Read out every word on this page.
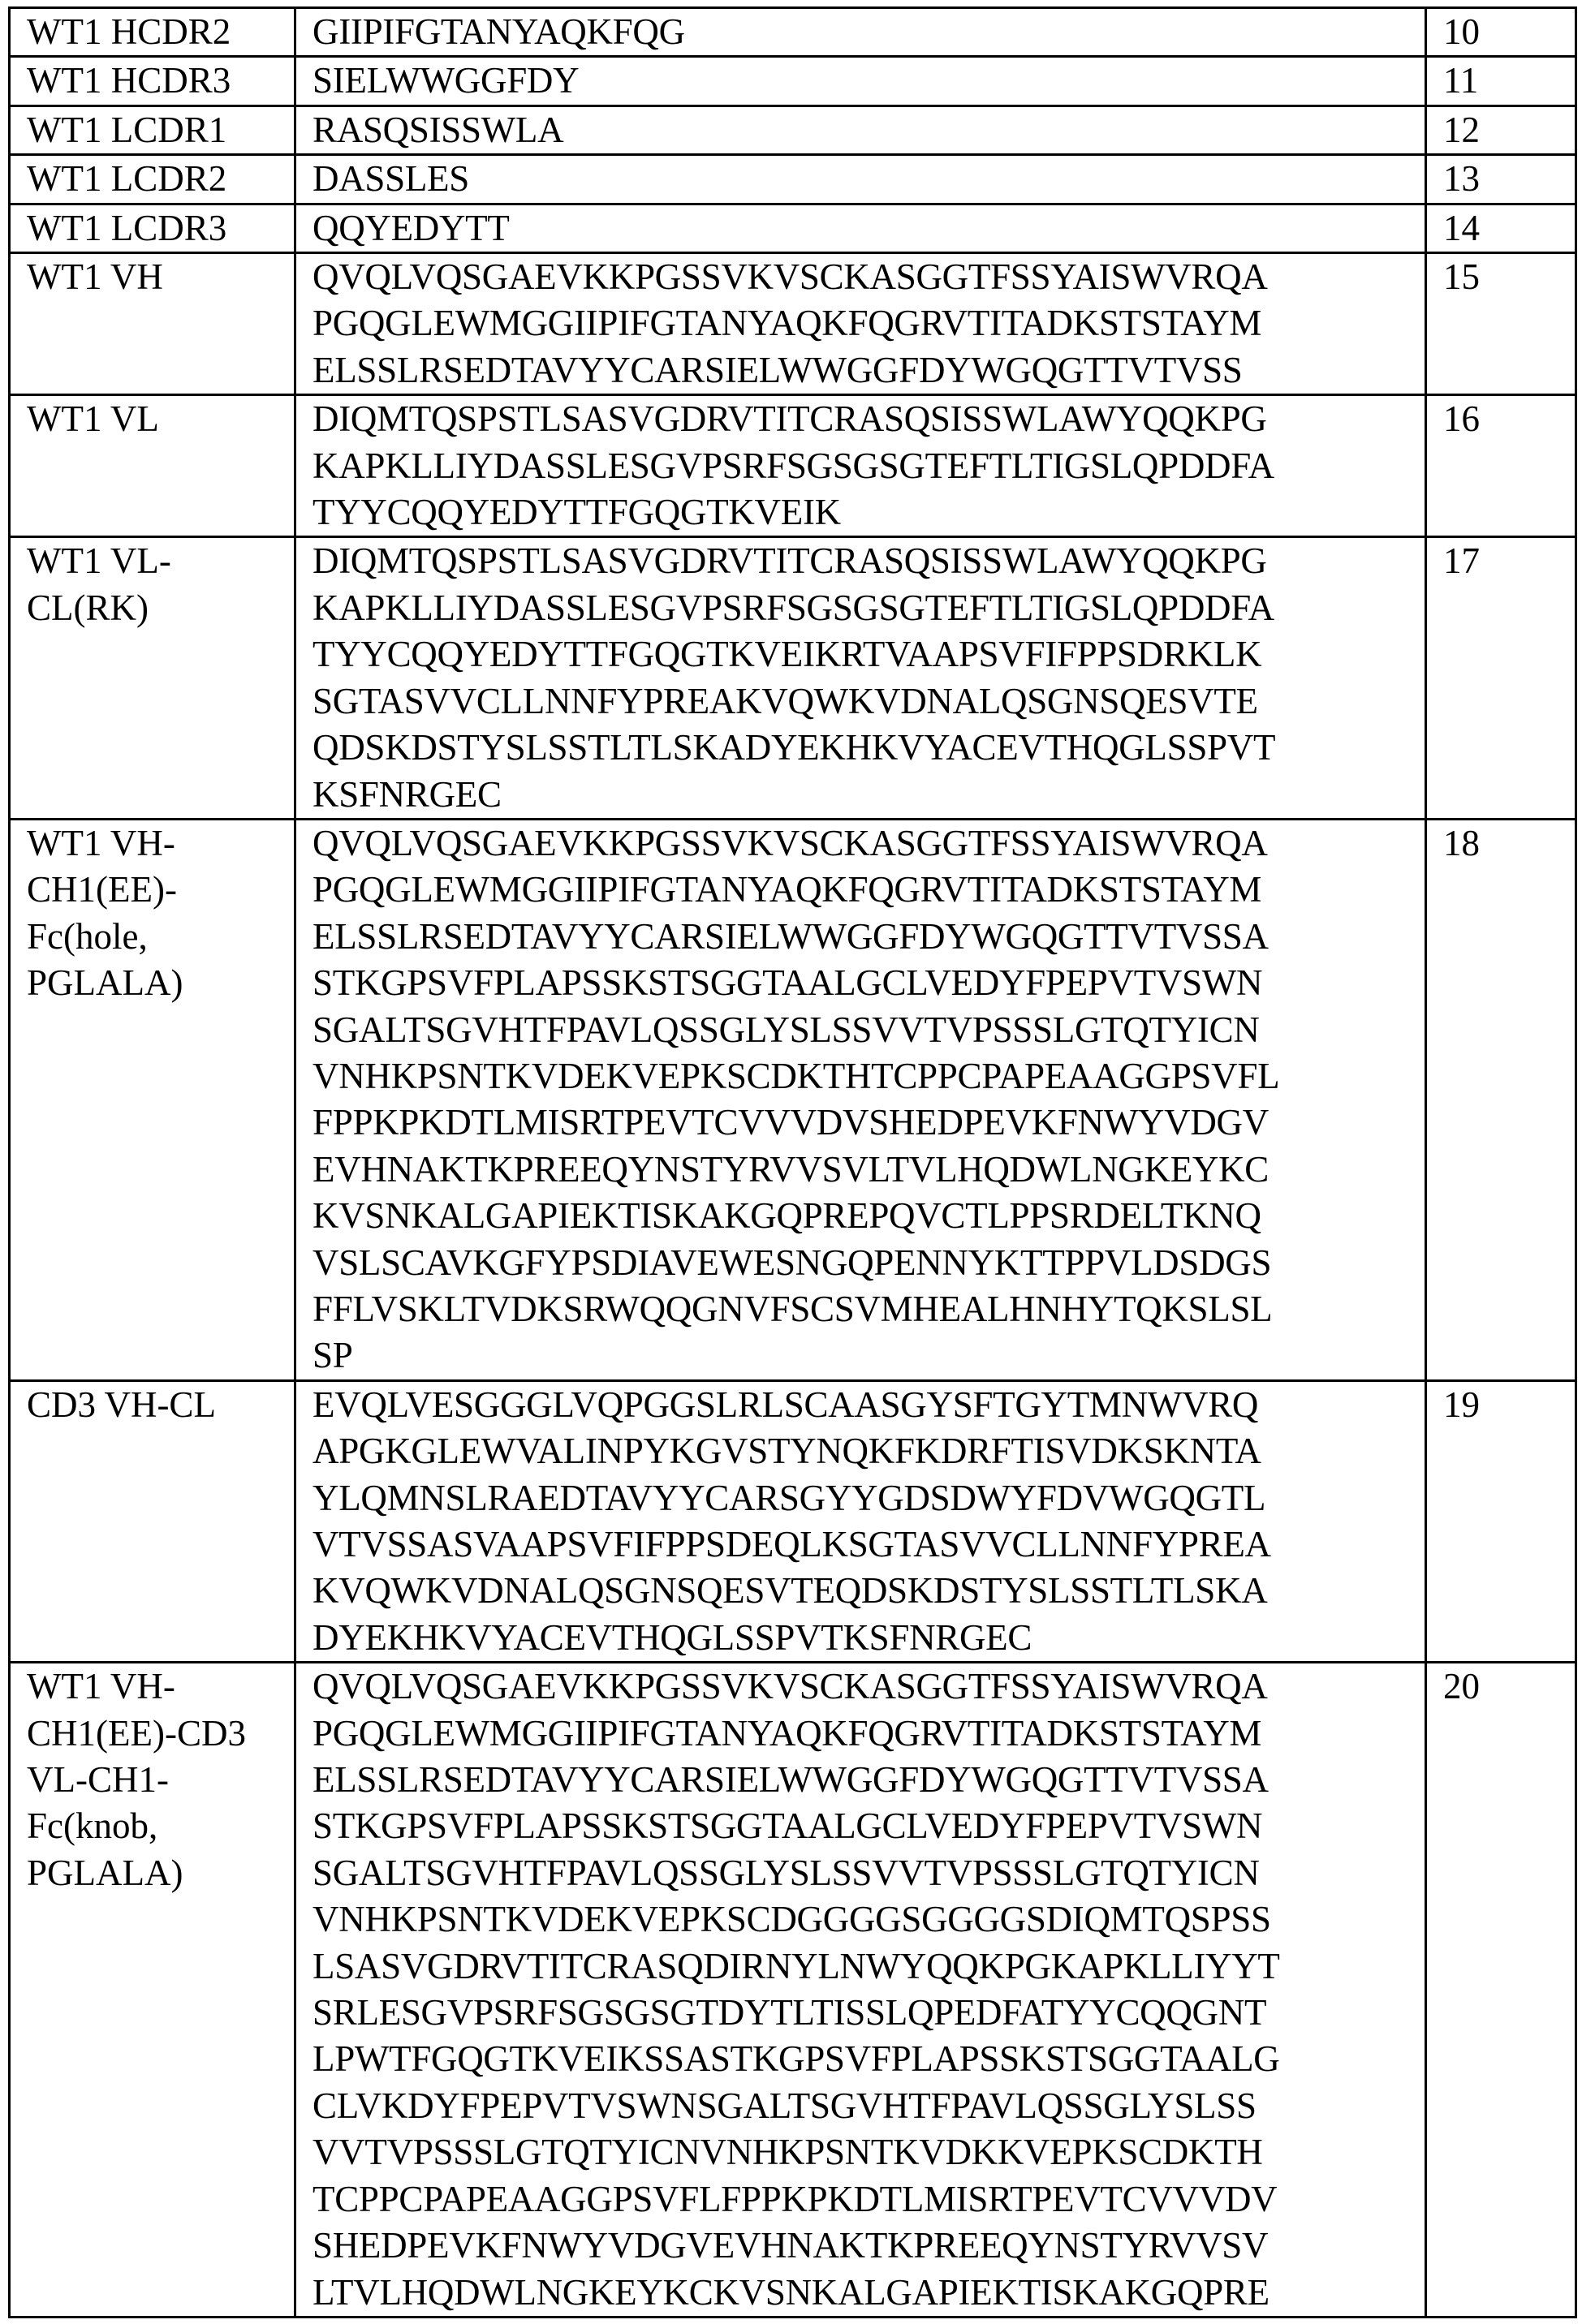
WT1 HCDR2	GIIPIFGTANYAQKFQG	10

WT1 HCDR3	SIELWWGGFDY	11

WT1 LCDR1	RASQSISSWLA	12

WT1 LCDR2	DASSLES	13

WT1 LCDR3	QQYEDYTT	14

WT1 VH	QVQLVQSGAEVKKPGSSVKVSCKASGGTFSSYAISWVRQA
PGQGLEWMGGIIPIFGTANYAQKFQGRVTITADKSTSTAYM
ELSSLRSEDTAVYYCARSIELWWGGFDYWGQGTTVTVSS
	15

WT1 VL	DIQMTQSPSTLSASVGDRVTITCRASQSISSWLAWYQQKPG
KAPKLLIYDASSLESGVPSRFSGSGSGTEFTLTIGSLQPDDFA
TYYCQQYEDYTTFGQGTKVEIK
	16

WT1 VL-
CL(RK)

DIQMTQSPSTLSASVGDRVTITCRASQSISSWLAWYQQKPG
KAPKLLIYDASSLESGVPSRFSGSGSGTEFTLTIGSLQPDDFA
TYYCQQYEDYTTFGQGTKVEIKRTVAAPSVFIFPPSDRKLK
SGTASVVCLLNNFYPREAKVQWKVDNALQSGNSQESVTE
QDSKDSTYSLSSTLTLSKADYEKHKVYACEVTHQGLSSPVT
KSFNRGEC
	17

WT1 VH-
CH1(EE)-
Fc(hole,
PGLALA)

QVQLVQSGAEVKKPGSSVKVSCKASGGTFSSYAISWVRQA
PGQGLEWMGGIIPIFGTANYAQKFQGRVTITADKSTSTAYM
ELSSLRSEDTAVYYCARSIELWWGGFDYWGQGTTVTVSSA
STKGPSVFPLAPSSKSTSGGTAALGCLVEDYFPEPVTVSWN
SGALTSGVHTFPAVLQSSGLYSLSSVVTVPSSSLGTQTYICN
VNHKPSNTKVDEKVEPKSCDKTHTCPPCPAPEAAGGPSVFL
FPPKPKDTLMISRTPEVTCVVVDVSHEDPEVKFNWYVDGV
EVHNAKTKPREEQYNSTYRVVSVLTVLHQDWLNGKEYKC
KVSNKALGAPIEKTISKAKGQPREPQVCTLPPSRDELTKNQ
VSLSCAVKGFYPSDIAVEWESNGQPENNYKTTPPVLDSDGS
FFLVSKLTVDKSRWQQGNVFSCSVMHEALHNHYTQKSLSL
SP
	18

CD3 VH-CL	EVQLVESGGGLVQPGGSLRLSCAASGYSFTGYTMNWVRQ
APGKGLEWVALINPYKGVSTYNQKFKDRFTISVDKSKNTA
YLQMNSLRAEDTAVYYCARSGYYGDSDWYFDVWGQGTL
VTVSSASVAAPSVFIFPPSDEQLKSGTASVVCLLNNFYPREA
KVQWKVDNALQSGNSQESVTEQDSKDSTYSLSSTLTLSKA
DYEKHKVYACEVTHQGLSSPVTKSFNRGEC
	19

WT1 VH-
CH1(EE)-CD3
VL-CH1-
Fc(knob,
PGLALA)

QVQLVQSGAEVKKPGSSVKVSCKASGGTFSSYAISWVRQA
PGQGLEWMGGIIPIFGTANYAQKFQGRVTITADKSTSTAYM
ELSSLRSEDTAVYYCARSIELWWGGFDYWGQGTTVTVSSA
STKGPSVFPLAPSSKSTSGGTAALGCLVEDYFPEPVTVSWN
SGALTSGVHTFPAVLQSSGLYSLSSVVTVPSSSLGTQTYICN
VNHKPSNTKVDEKVEPKSCDGGGGSGGGGSDIQMTQSPSS
LSASVGDRVTITCRASQDIRNYLNWYQQKPGKAPKLLIYYT
SRLESGVPSRFSGSGSGTDYTLTISSLQPEDFATYYCQQGNT
LPWTFGQGTKVEIKSSASTKGPSVFPLAPSSKSTSGGTAALG
CLVKDYFPEPVTVSWNSGALTSGVHTFPAVLQSSGLYSLSS
VVTVPSSSLGTQTYICNVNHKPSNTKVDKKVEPKSCDKTH
TCPPCPAPEAAGGPSVFLFPPKPKDTLMISRTPEVTCVVVDV
SHEDPEVKFNWYVDGVEVHNAKTKPREEQYNSTYRVVSV
LTVLHQDWLNGKEYKCKVSNKALGAPIEKTISKAKGQPRE
	20
